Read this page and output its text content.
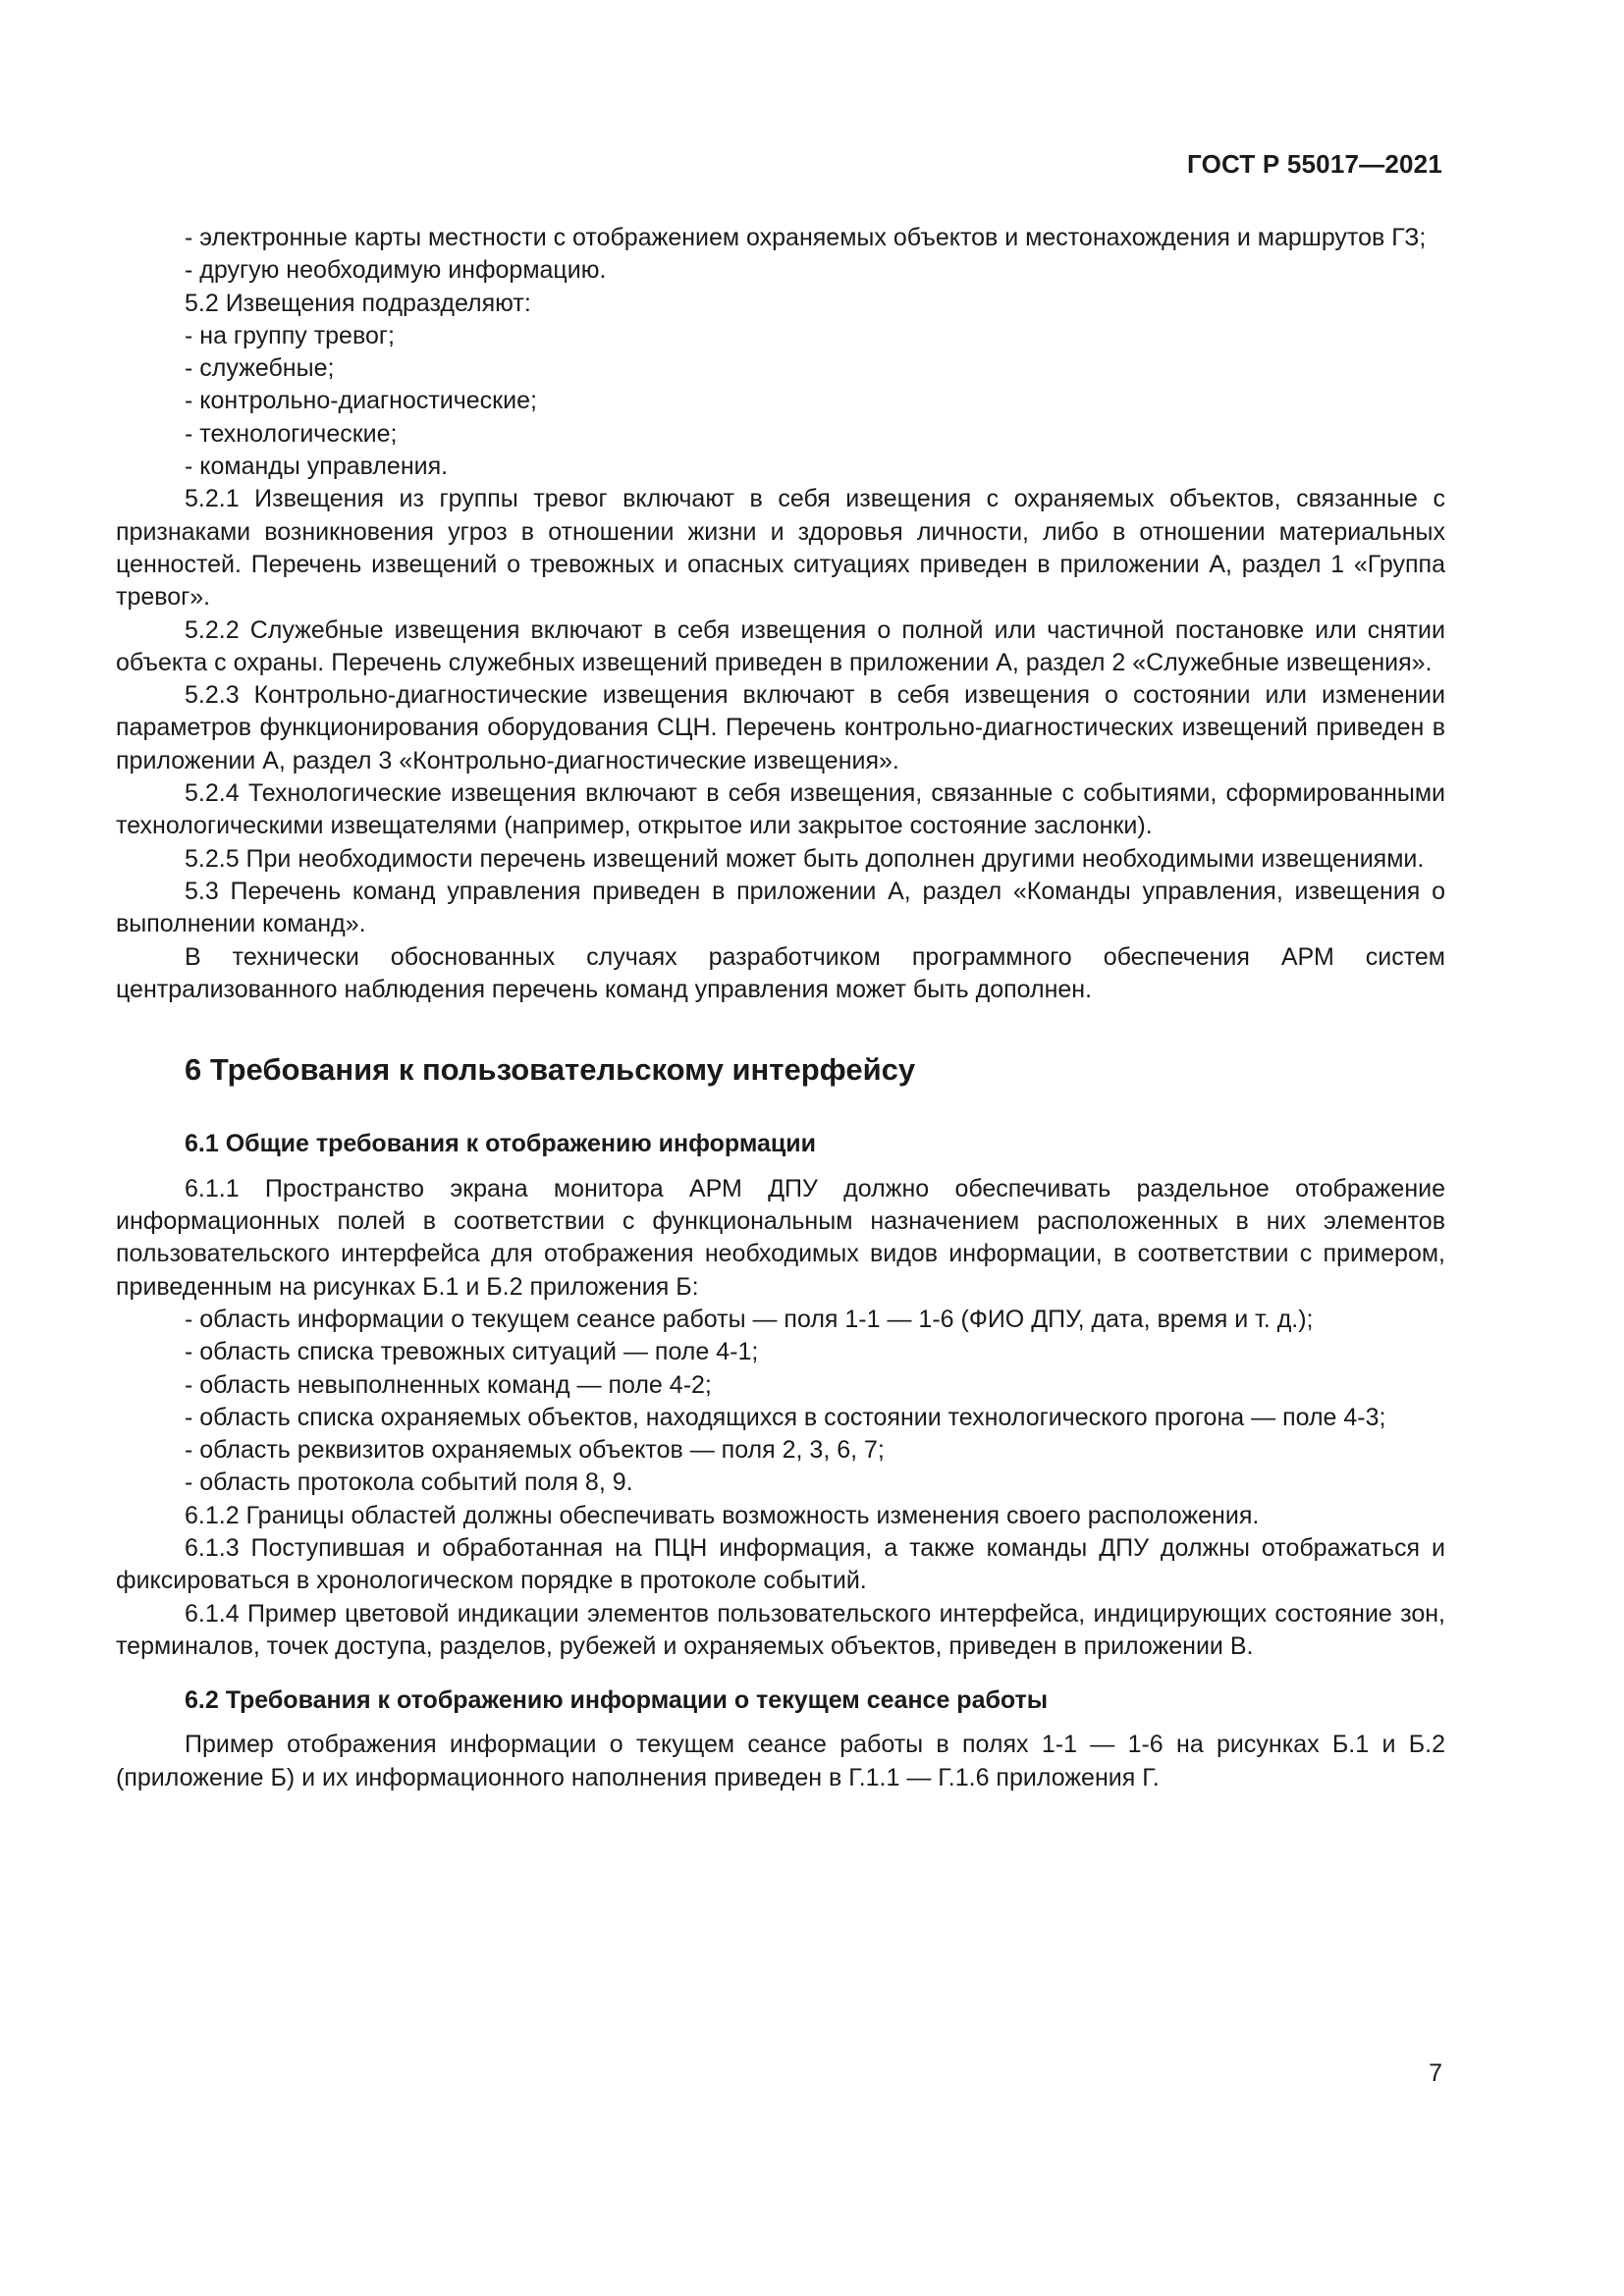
ГОСТ Р 55017—2021

- электронные карты местности с отображением охраняемых объектов и местонахождения и маршрутов ГЗ;

- другую необходимую информацию.

5.2 Извещения подразделяют:

- на группу тревог;

- служебные;

- контрольно-диагностические;

- технологические;

- команды управления.

5.2.1 Извещения из группы тревог включают в себя извещения с охраняемых объектов, связанные с признаками возникновения угроз в отношении жизни и здоровья личности, либо в отношении материальных ценностей. Перечень извещений о тревожных и опасных ситуациях приведен в приложении А, раздел 1 «Группа тревог».

5.2.2 Служебные извещения включают в себя извещения о полной или частичной постановке или снятии объекта с охраны. Перечень служебных извещений приведен в приложении А, раздел 2 «Служебные извещения».

5.2.3 Контрольно-диагностические извещения включают в себя извещения о состоянии или изменении параметров функционирования оборудования СЦН. Перечень контрольно-диагностических извещений приведен в приложении А, раздел 3 «Контрольно-диагностические извещения».

5.2.4 Технологические извещения включают в себя извещения, связанные с событиями, сформированными технологическими извещателями (например, открытое или закрытое состояние заслонки).

5.2.5 При необходимости перечень извещений может быть дополнен другими необходимыми извещениями.

5.3 Перечень команд управления приведен в приложении А, раздел «Команды управления, извещения о выполнении команд».

В технически обоснованных случаях разработчиком программного обеспечения АРМ систем централизованного наблюдения перечень команд управления может быть дополнен.

6 Требования к пользовательскому интерфейсу

6.1 Общие требования к отображению информации

6.1.1 Пространство экрана монитора АРМ ДПУ должно обеспечивать раздельное отображение информационных полей в соответствии с функциональным назначением расположенных в них элементов пользовательского интерфейса для отображения необходимых видов информации, в соответствии с примером, приведенным на рисунках Б.1 и Б.2 приложения Б:

- область информации о текущем сеансе работы — поля 1-1 — 1-6 (ФИО ДПУ, дата, время и т. д.);

- область списка тревожных ситуаций — поле 4-1;

- область невыполненных команд — поле 4-2;

- область списка охраняемых объектов, находящихся в состоянии технологического прогона — поле 4-3;

- область реквизитов охраняемых объектов — поля 2, 3, 6, 7;

- область протокола событий поля 8, 9.

6.1.2 Границы областей должны обеспечивать возможность изменения своего расположения.

6.1.3 Поступившая и обработанная на ПЦН информация, а также команды ДПУ должны отображаться и фиксироваться в хронологическом порядке в протоколе событий.

6.1.4 Пример цветовой индикации элементов пользовательского интерфейса, индицирующих состояние зон, терминалов, точек доступа, разделов, рубежей и охраняемых объектов, приведен в приложении В.

6.2 Требования к отображению информации о текущем сеансе работы

Пример отображения информации о текущем сеансе работы в полях 1-1 — 1-6 на рисунках Б.1 и Б.2 (приложение Б) и их информационного наполнения приведен в Г.1.1 — Г.1.6 приложения Г.

7
